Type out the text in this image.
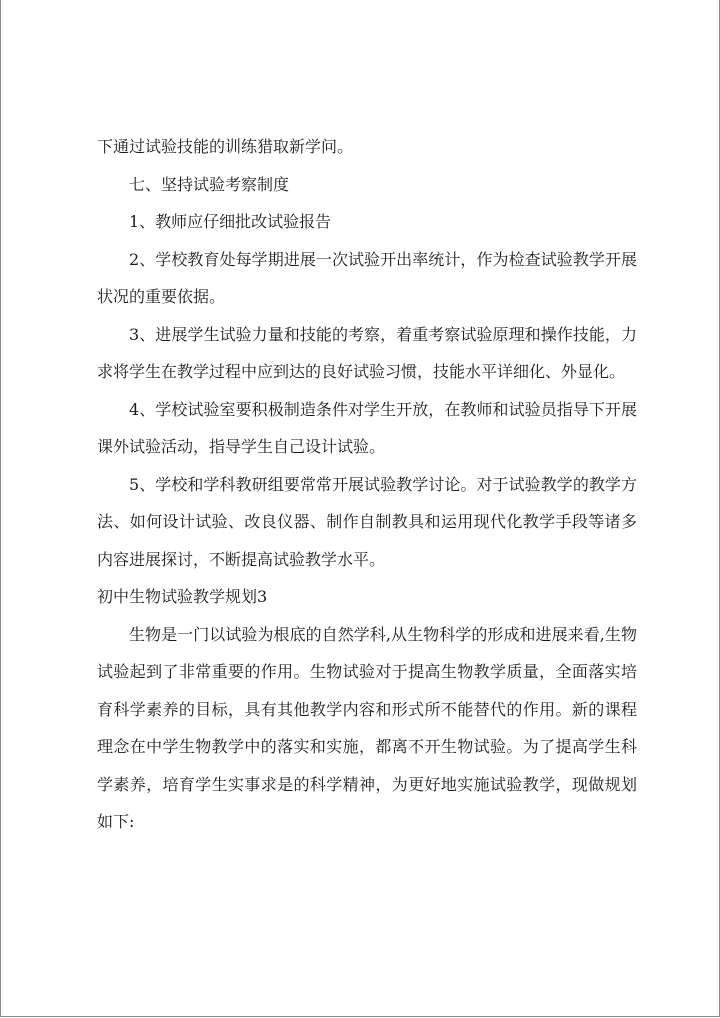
下通过试验技能的训练猎取新学问。

七、坚持试验考察制度

1、教师应仔细批改试验报告

2、学校教育处每学期进展一次试验开出率统计，作为检查试验教学开展状况的重要依据。

3、进展学生试验力量和技能的考察，着重考察试验原理和操作技能，力求将学生在教学过程中应到达的良好试验习惯，技能水平详细化、外显化。

4、学校试验室要积极制造条件对学生开放，在教师和试验员指导下开展课外试验活动，指导学生自己设计试验。

5、学校和学科教研组要常常开展试验教学讨论。对于试验教学的教学方法、如何设计试验、改良仪器、制作自制教具和运用现代化教学手段等诸多内容进展探讨，不断提高试验教学水平。

初中生物试验教学规划3

生物是一门以试验为根底的自然学科,从生物科学的形成和进展来看,生物试验起到了非常重要的作用。生物试验对于提高生物教学质量，全面落实培育科学素养的目标，具有其他教学内容和形式所不能替代的作用。新的课程理念在中学生物教学中的落实和实施，都离不开生物试验。为了提高学生科学素养，培育学生实事求是的科学精神，为更好地实施试验教学，现做规划如下:
